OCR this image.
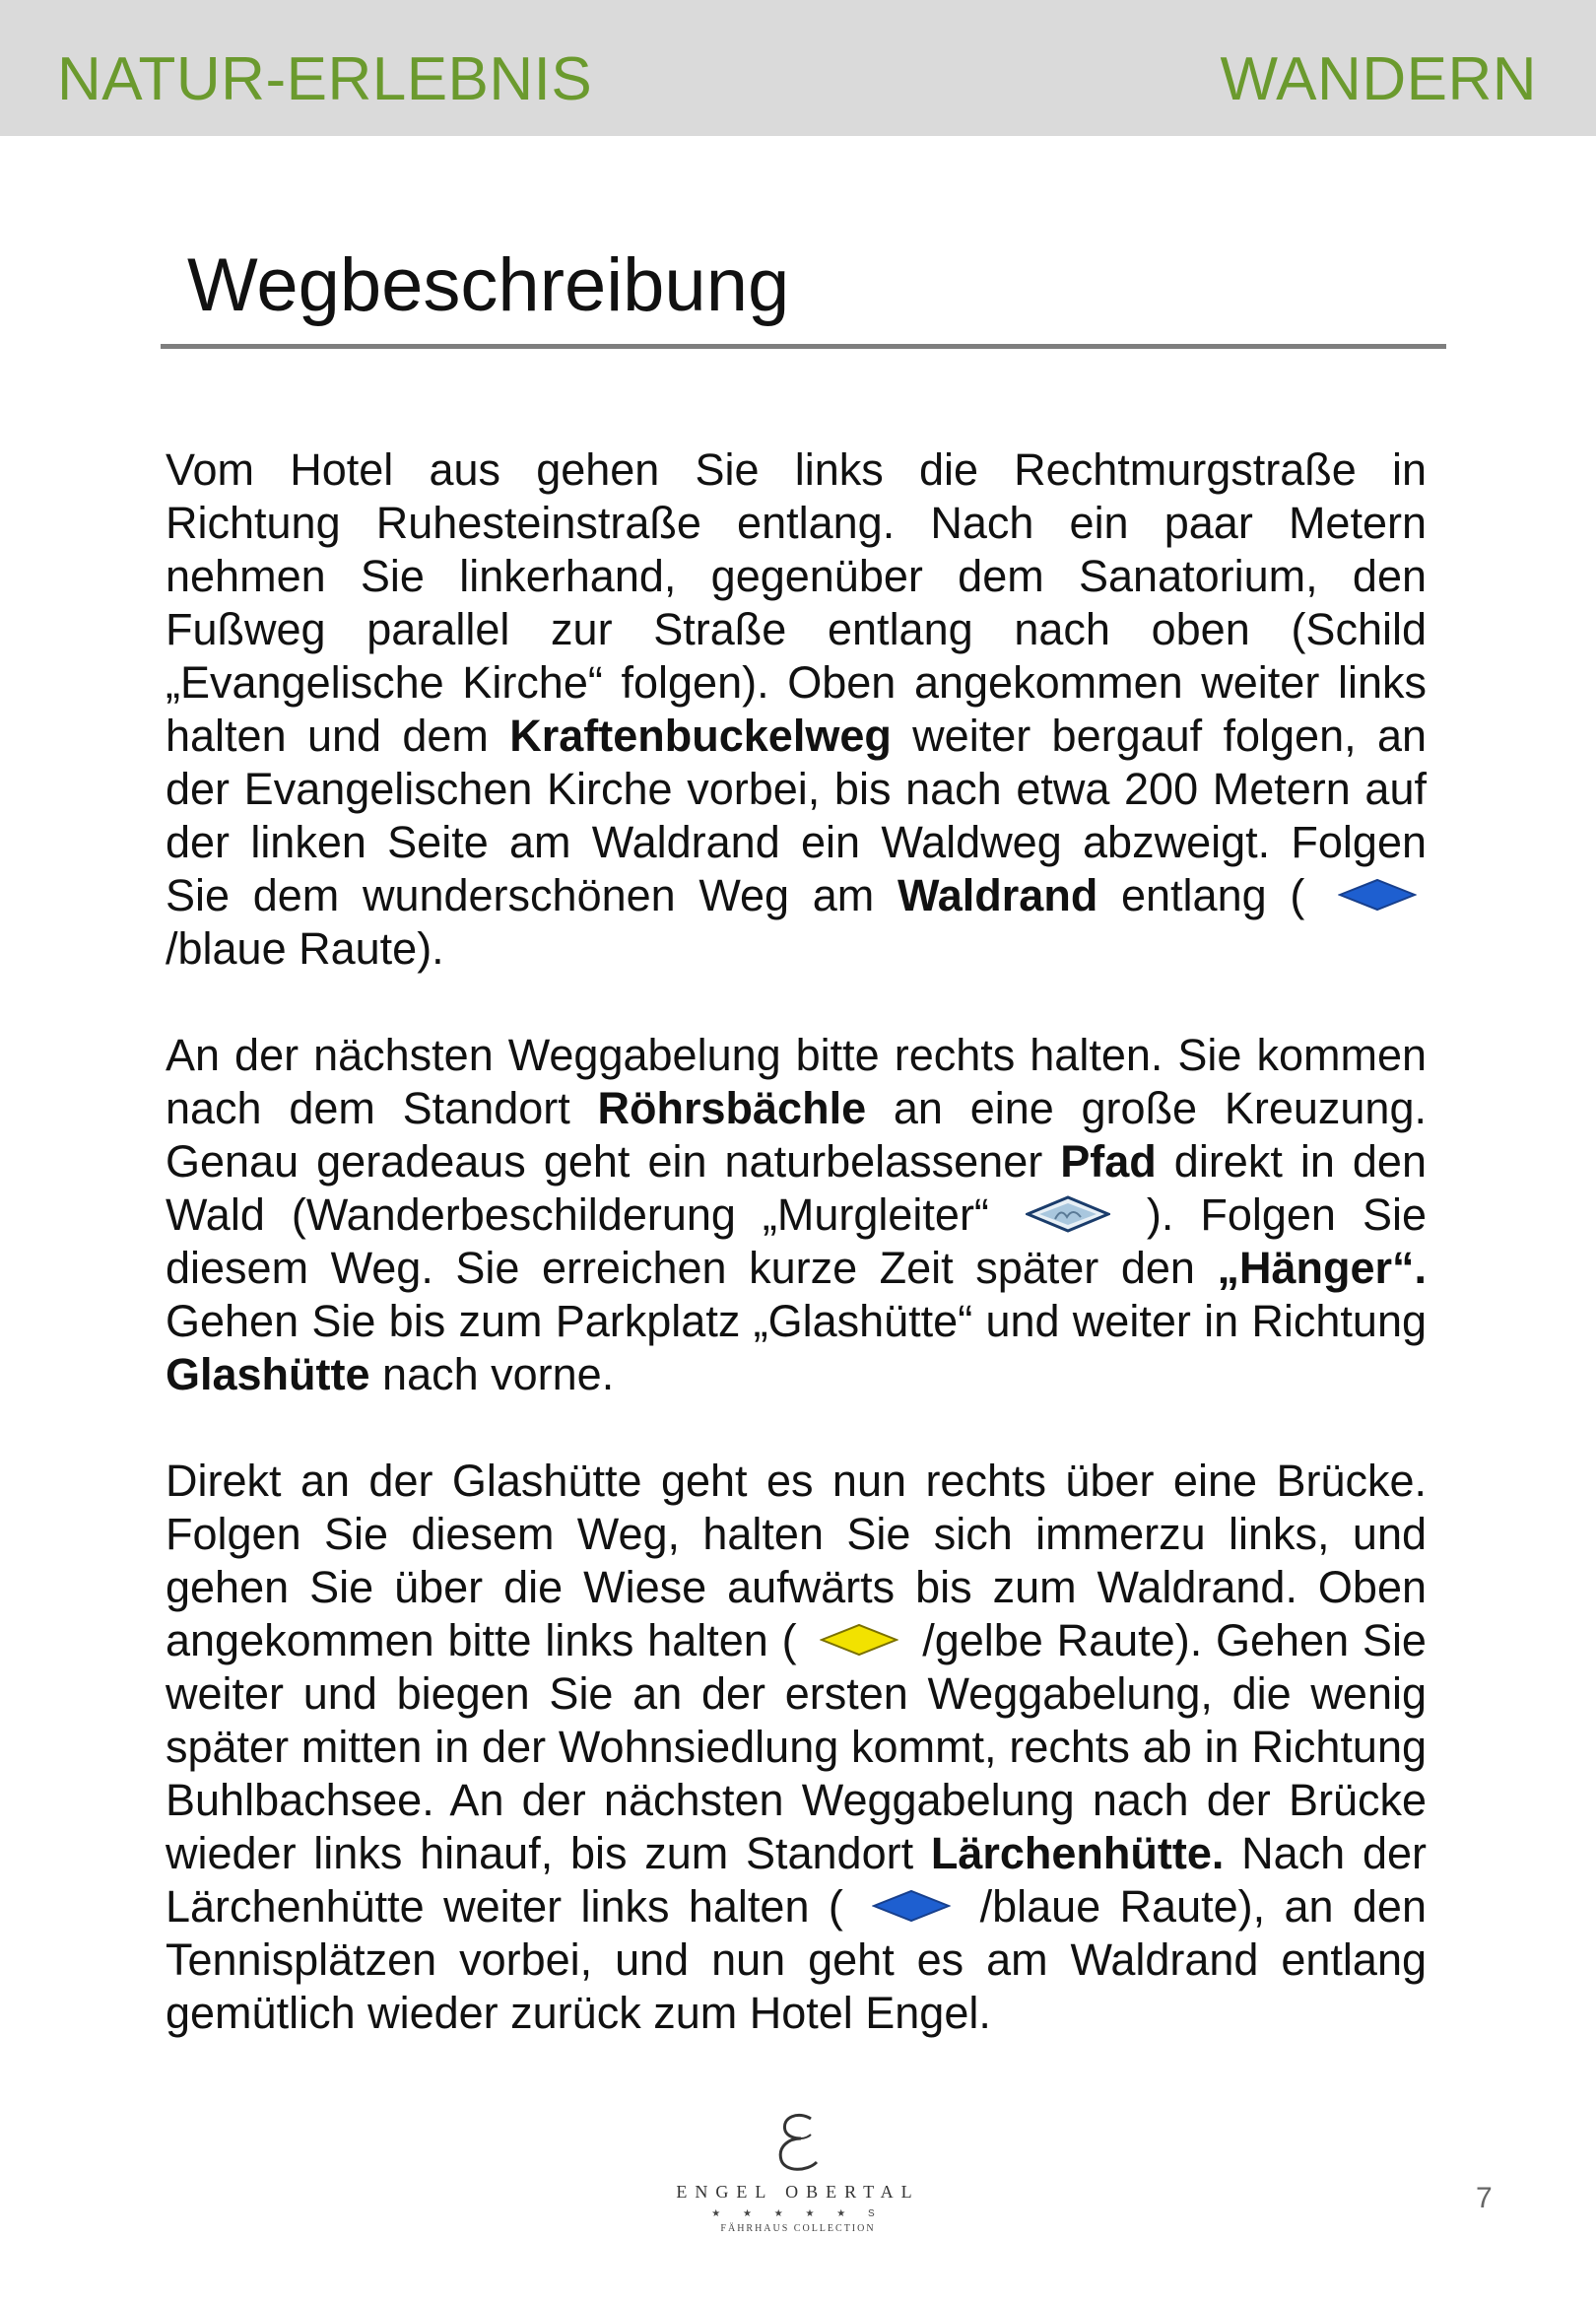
NATUR-ERLEBNIS	WANDERN
Wegbeschreibung

Vom Hotel aus gehen Sie links die Rechtmurgstraße in Richtung Ruhesteinstraße entlang. Nach ein paar Metern nehmen Sie linkerhand, gegenüber dem Sanatorium, den Fußweg parallel zur Straße entlang nach oben (Schild „Evangelische Kirche“ folgen). Oben angekommen weiter links halten und dem Kraftenbuckelweg weiter bergauf folgen, an der Evangelischen Kirche vorbei, bis nach etwa 200 Metern auf der linken Seite am Waldrand ein Waldweg abzweigt. Folgen Sie dem wunderschönen Weg am Waldrand entlang (  /blaue Raute).

An der nächsten Weggabelung bitte rechts halten. Sie kommen nach dem Standort Röhrsbächle an eine große Kreuzung. Genau geradeaus geht ein naturbelassener Pfad direkt in den Wald (Wanderbeschilderung „Murgleiter“	). Folgen Sie diesem Weg. Sie erreichen kurze Zeit später den „Hänger“. Gehen Sie bis zum Parkplatz „Glashütte“ und weiter in Richtung Glashütte nach vorne.

Direkt an der Glashütte geht es nun rechts über eine Brücke. Folgen Sie diesem Weg, halten Sie sich immerzu links, und gehen Sie über die Wiese aufwärts bis zum Waldrand. Oben angekommen bitte links halten (	/gelbe Raute). Gehen Sie weiter und biegen Sie an der ersten Weggabelung, die wenig später mitten in der Wohnsiedlung kommt, rechts ab in Richtung Buhlbachsee. An der nächsten Weggabelung nach der Brücke wieder links hinauf, bis zum Standort Lärchenhütte. Nach der Lärchenhütte weiter links halten (	/blaue Raute), an den Tennisplätzen vorbei, und nun geht es am Waldrand entlang gemütlich wieder zurück zum Hotel Engel.

ENGEL OBERTAL
★ ★ ★ ★ ★ S
FÄHRHAUS COLLECTION
7
